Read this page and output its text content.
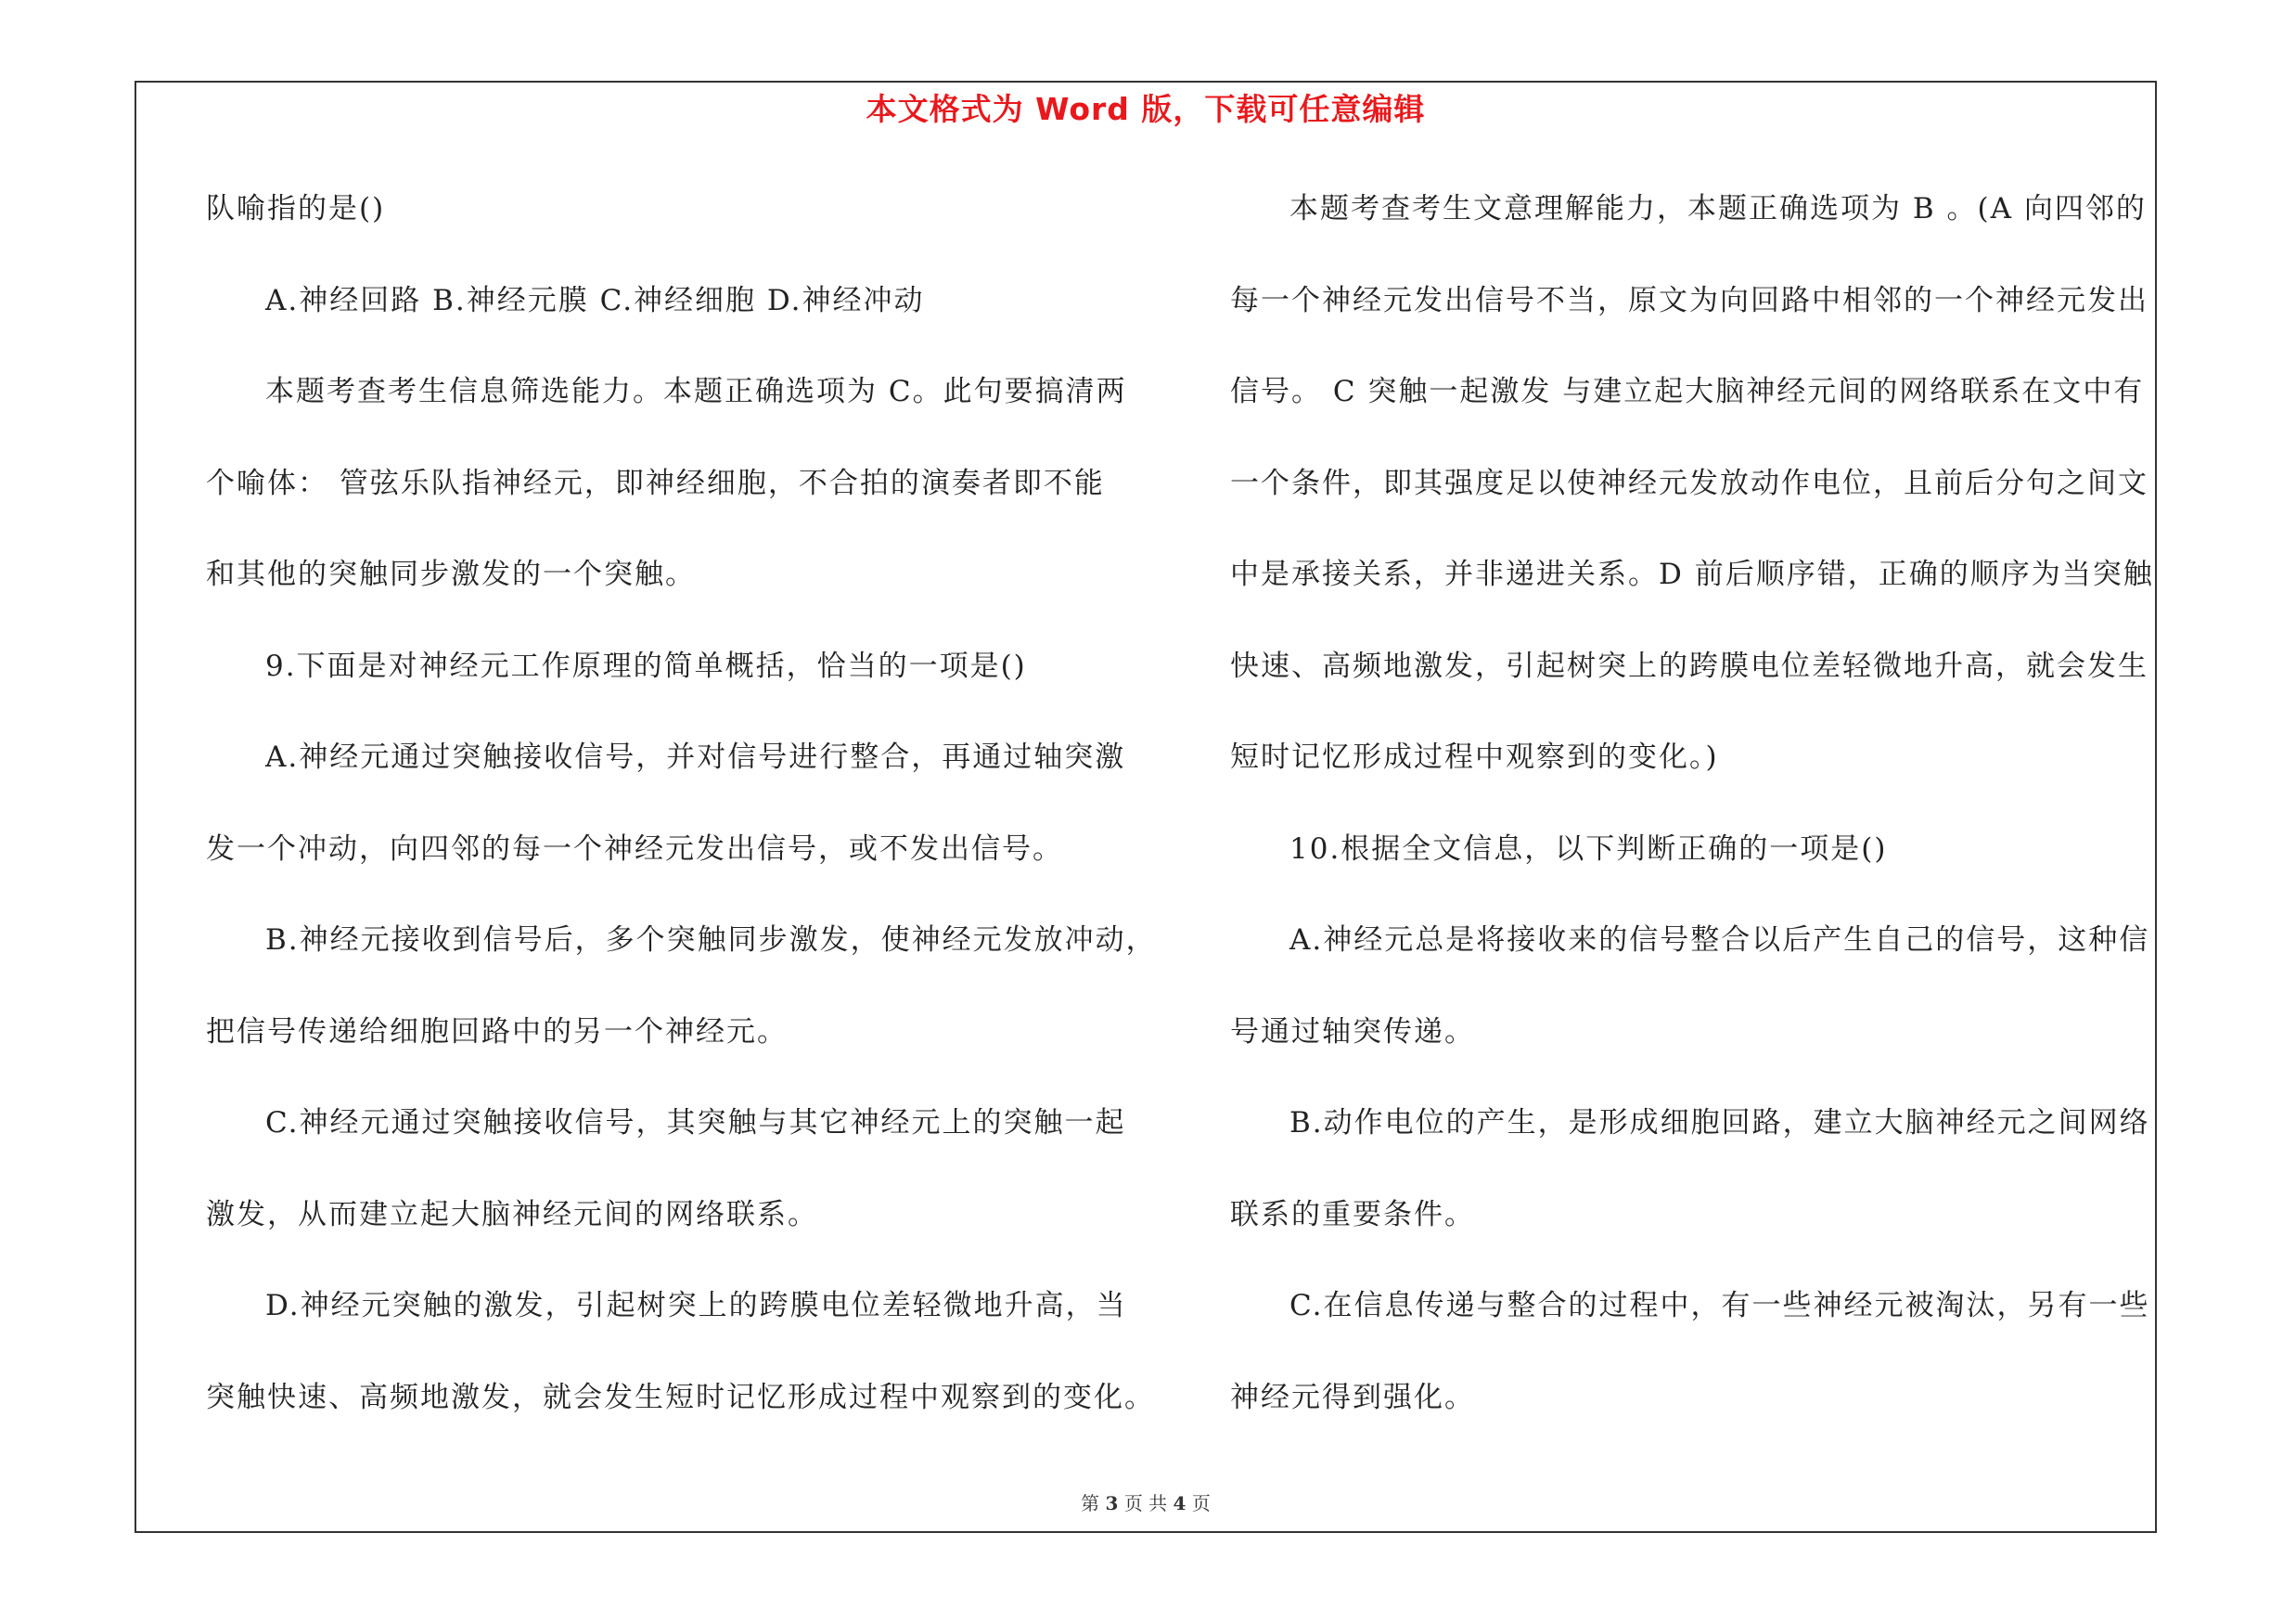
本文格式为 Word 版，下载可任意编辑
队喻指的是()
A.神经回路 B.神经元膜 C.神经细胞 D.神经冲动
本题考查考生信息筛选能力。本题正确选项为 C。此句要搞清两
个喻体： 管弦乐队指神经元，即神经细胞，不合拍的演奏者即不能
和其他的突触同步激发的一个突触。
9.下面是对神经元工作原理的简单概括，恰当的一项是()
A.神经元通过突触接收信号，并对信号进行整合，再通过轴突激
发一个冲动，向四邻的每一个神经元发出信号，或不发出信号。
B.神经元接收到信号后，多个突触同步激发，使神经元发放冲动，
把信号传递给细胞回路中的另一个神经元。
C.神经元通过突触接收信号，其突触与其它神经元上的突触一起
激发，从而建立起大脑神经元间的网络联系。
D.神经元突触的激发，引起树突上的跨膜电位差轻微地升高，当
突触快速、高频地激发，就会发生短时记忆形成过程中观察到的变化。
本题考查考生文意理解能力，本题正确选项为 B 。(A 向四邻的
每一个神经元发出信号不当，原文为向回路中相邻的一个神经元发出
信号。 C 突触一起激发 与建立起大脑神经元间的网络联系在文中有
一个条件，即其强度足以使神经元发放动作电位，且前后分句之间文
中是承接关系，并非递进关系。D 前后顺序错，正确的顺序为当突触
快速、高频地激发，引起树突上的跨膜电位差轻微地升高，就会发生
短时记忆形成过程中观察到的变化。)
10.根据全文信息，以下判断正确的一项是()
A.神经元总是将接收来的信号整合以后产生自己的信号，这种信
号通过轴突传递。
B.动作电位的产生，是形成细胞回路，建立大脑神经元之间网络
联系的重要条件。
C.在信息传递与整合的过程中，有一些神经元被淘汰，另有一些
神经元得到强化。
第 3 页 共 4 页
